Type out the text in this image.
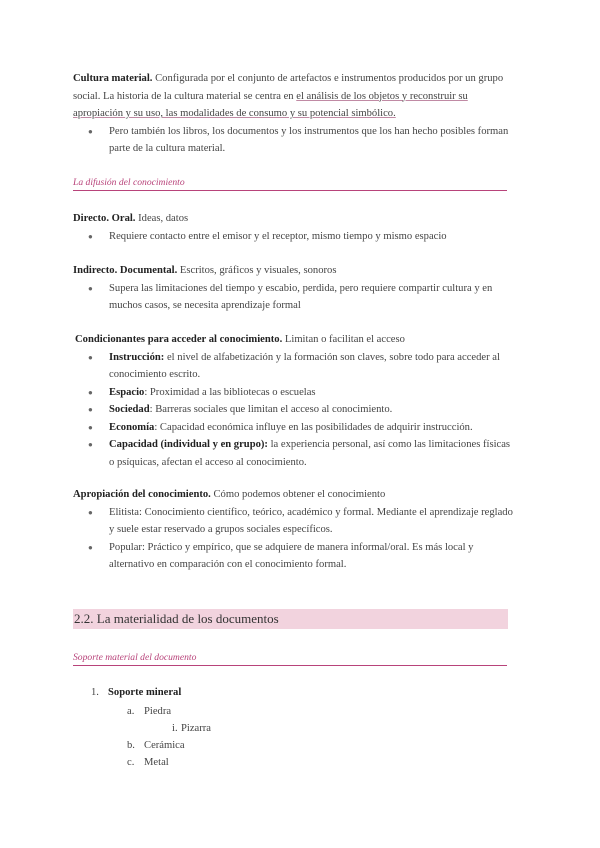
Cultura material. Configurada por el conjunto de artefactos e instrumentos producidos por un grupo social. La historia de la cultura material se centra en el análisis de los objetos y reconstruir su apropiación y su uso, las modalidades de consumo y su potencial simbólico.
● Pero también los libros, los documentos y los instrumentos que los han hecho posibles forman parte de la cultura material.
La difusión del conocimiento
Directo. Oral. Ideas, datos
● Requiere contacto entre el emisor y el receptor, mismo tiempo y mismo espacio
Indirecto. Documental. Escritos, gráficos y visuales, sonoros
● Supera las limitaciones del tiempo y escabio, perdida, pero requiere compartir cultura y en muchos casos, se necesita aprendizaje formal
Condicionantes para acceder al conocimiento. Limitan o facilitan el acceso
● Instrucción: el nivel de alfabetización y la formación son claves, sobre todo para acceder al conocimiento escrito.
● Espacio: Proximidad a las bibliotecas o escuelas
● Sociedad: Barreras sociales que limitan el acceso al conocimiento.
● Economía: Capacidad económica influye en las posibilidades de adquirir instrucción.
● Capacidad (individual y en grupo): la experiencia personal, así como las limitaciones físicas o psíquicas, afectan el acceso al conocimiento.
Apropiación del conocimiento. Cómo podemos obtener el conocimiento
● Elitista: Conocimiento científico, teórico, académico y formal. Mediante el aprendizaje reglado y suele estar reservado a grupos sociales específicos.
● Popular: Práctico y empírico, que se adquiere de manera informal/oral. Es más local y alternativo en comparación con el conocimiento formal.
2.2. La materialidad de los documentos
Soporte material del documento
1. Soporte mineral
a. Piedra
i. Pizarra
b. Cerámica
c. Metal
